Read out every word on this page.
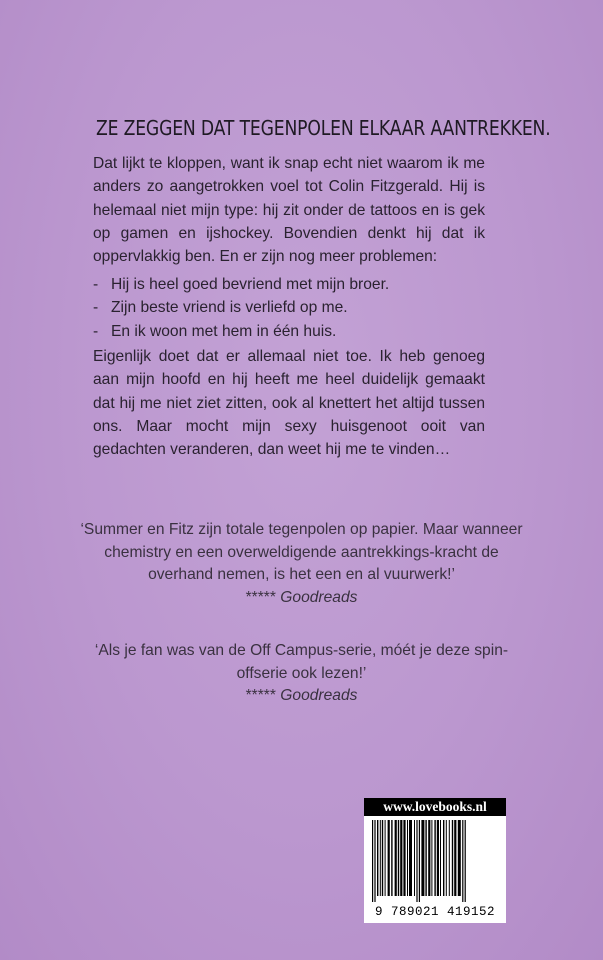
ZE ZEGGEN DAT TEGENPOLEN ELKAAR AANTREKKEN.

Dat lijkt te kloppen, want ik snap echt niet waarom ik me anders zo aangetrokken voel tot Colin Fitzgerald. Hij is helemaal niet mijn type: hij zit onder de tattoos en is gek op gamen en ijshockey. Bovendien denkt hij dat ik oppervlakkig ben. En er zijn nog meer problemen:

- Hij is heel goed bevriend met mijn broer.
- Zijn beste vriend is verliefd op me.
- En ik woon met hem in één huis.

Eigenlijk doet dat er allemaal niet toe. Ik heb genoeg aan mijn hoofd en hij heeft me heel duidelijk gemaakt dat hij me niet ziet zitten, ook al knettert het altijd tussen ons. Maar mocht mijn sexy huisgenoot ooit van gedachten veranderen, dan weet hij me te vinden…

‘Summer en Fitz zijn totale tegenpolen op papier. Maar wanneer chemistry en een overweldigende aantrekkings-kracht de overhand nemen, is het een en al vuurwerk!’
***** Goodreads
‘Als je fan was van de Off Campus-serie, móét je deze spin-offserie ook lezen!’
***** Goodreads
www.lovebooks.nl
9 789021 419152
